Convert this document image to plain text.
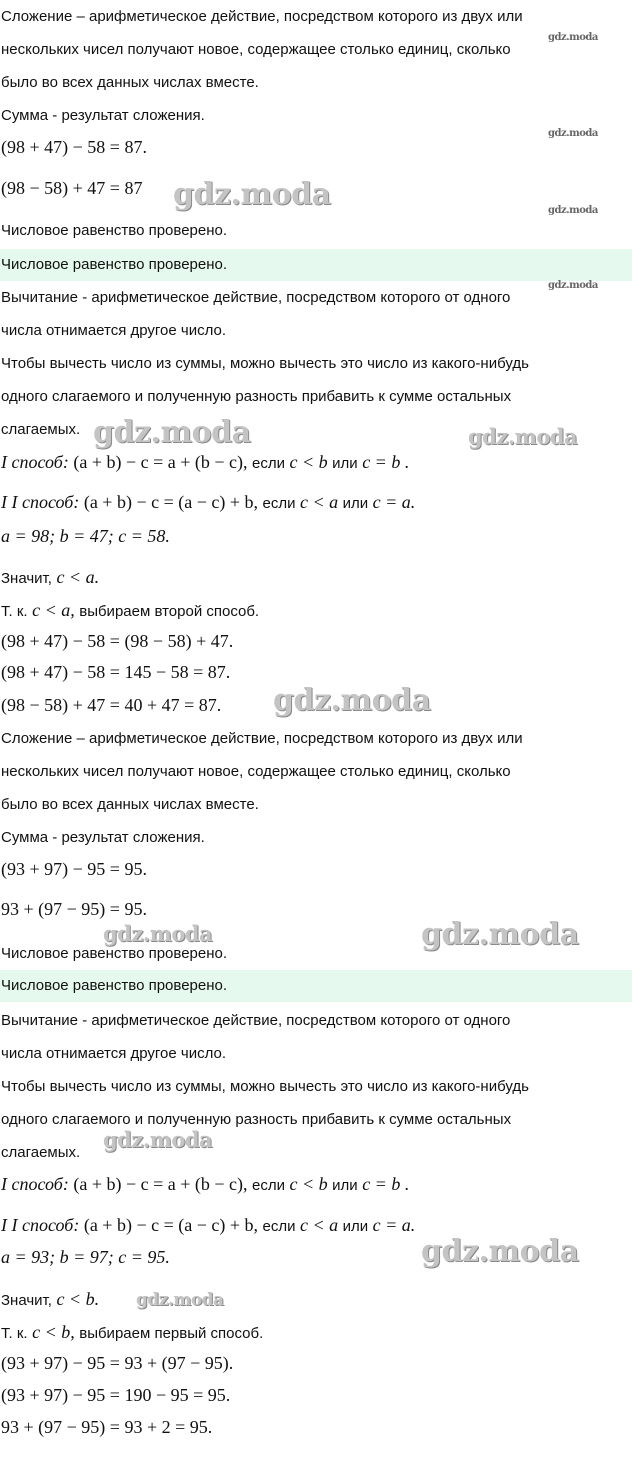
Сложение – арифметическое действие, посредством которого из двух или
нескольких чисел получают новое, содержащее столько единиц, сколько
было во всех данных числах вместе.
Сумма - результат сложения.
(98 + 47) − 58 = 87.
(98 − 58) + 47 = 87
Числовое равенство проверено.
Числовое равенство проверено.
Вычитание - арифметическое действие, посредством которого от одного
числа отнимается другое число.
Чтобы вычесть число из суммы, можно вычесть это число из какого-нибудь
одного слагаемого и полученную разность прибавить к сумме остальных
слагаемых.
I способ: (a + b) − c = a + (b − c), если c < b или c = b .
I I способ: (a + b) − c = (a − c) + b, если c < a или c = a.
a = 98; b = 47; c = 58.
Значит, c < a.
Т. к. c < a, выбираем второй способ.
(98 + 47) − 58 = (98 − 58) + 47.
(98 + 47) − 58 = 145 − 58 = 87.
(98 − 58) + 47 = 40 + 47 = 87.
Сложение – арифметическое действие, посредством которого из двух или
нескольких чисел получают новое, содержащее столько единиц, сколько
было во всех данных числах вместе.
Сумма - результат сложения.
(93 + 97) − 95 = 95.
93 + (97 − 95) = 95.
Числовое равенство проверено.
Числовое равенство проверено.
Вычитание - арифметическое действие, посредством которого от одного
числа отнимается другое число.
Чтобы вычесть число из суммы, можно вычесть это число из какого-нибудь
одного слагаемого и полученную разность прибавить к сумме остальных
слагаемых.
I способ: (a + b) − c = a + (b − c), если c < b или c = b .
I I способ: (a + b) − c = (a − c) + b, если c < a или c = a.
a = 93; b = 97; c = 95.
Значит, c < b.
Т. к. c < b, выбираем первый способ.
(93 + 97) − 95 = 93 + (97 − 95).
(93 + 97) − 95 = 190 − 95 = 95.
93 + (97 − 95) = 93 + 2 = 95.
gdz.moda
gdz.moda
gdz.moda
gdz.moda
gdz.moda
gdz.moda	gdz.moda
gdz.moda
gdz.moda	gdz.moda
gdz.moda
gdz.moda
gdz.moda
